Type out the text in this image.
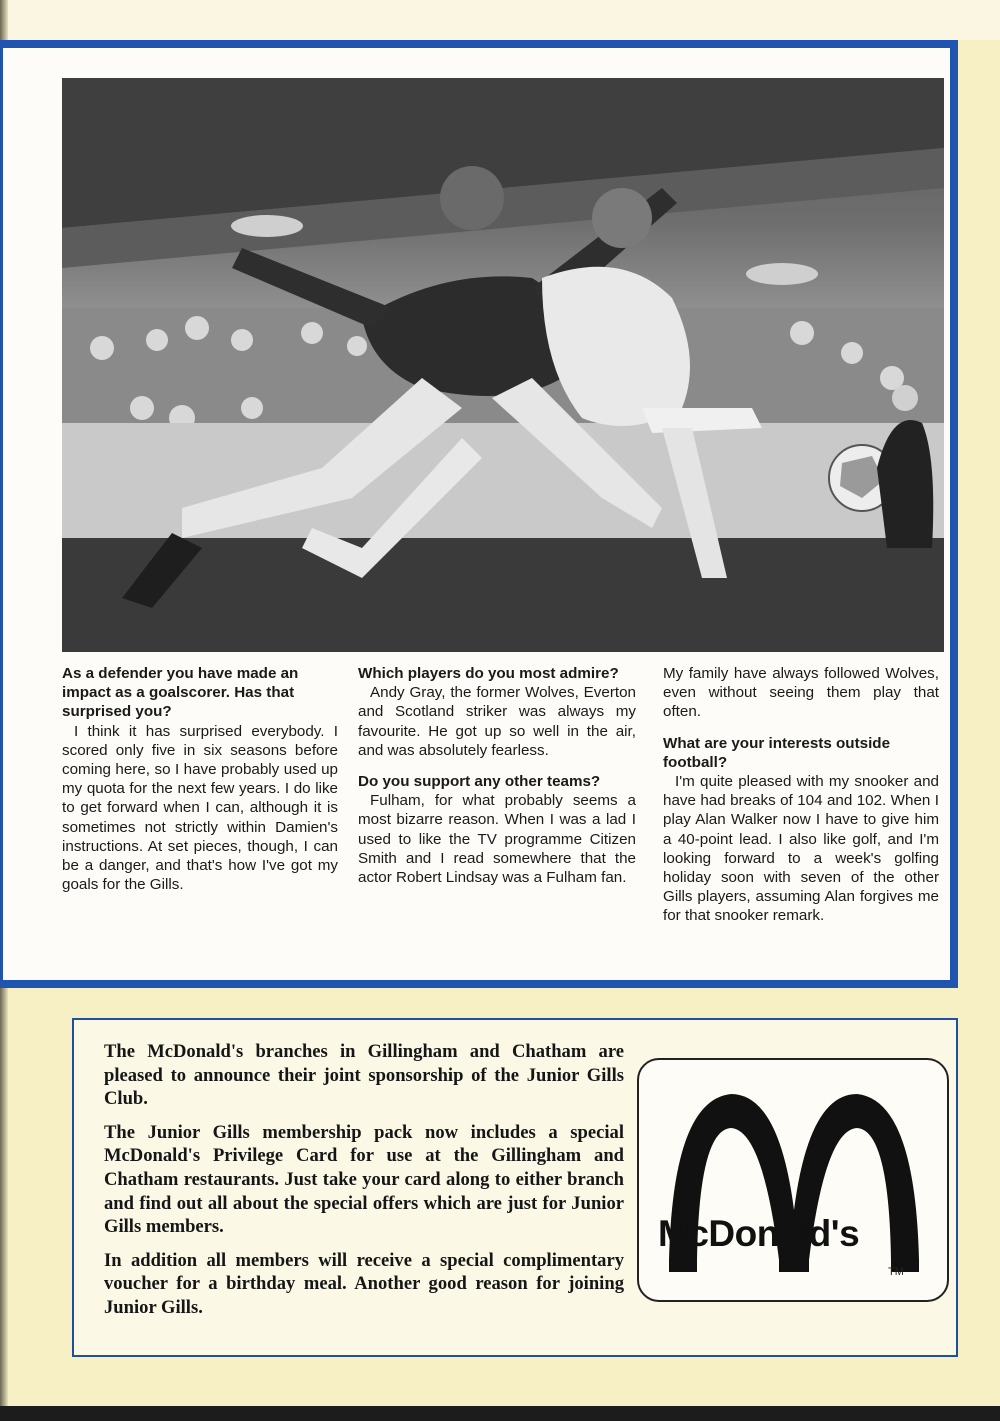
As a defender you have made an impact as a goalscorer. Has that surprised you?

I think it has surprised everybody. I scored only five in six seasons before coming here, so I have probably used up my quota for the next few years. I do like to get forward when I can, although it is sometimes not strictly within Damien's instructions. At set pieces, though, I can be a danger, and that's how I've got my goals for the Gills.

Which players do you most admire?

Andy Gray, the former Wolves, Everton and Scotland striker was always my favourite. He got up so well in the air, and was absolutely fearless.

Do you support any other teams?

Fulham, for what probably seems a most bizarre reason. When I was a lad I used to like the TV programme Citizen Smith and I read somewhere that the actor Robert Lindsay was a Fulham fan.

My family have always followed Wolves, even without seeing them play that often.

What are your interests outside football?

I'm quite pleased with my snooker and have had breaks of 104 and 102. When I play Alan Walker now I have to give him a 40-point lead. I also like golf, and I'm looking forward to a week's golfing holiday soon with seven of the other Gills players, assuming Alan forgives me for that snooker remark.

The McDonald's branches in Gillingham and Chatham are pleased to announce their joint sponsorship of the Junior Gills Club.

The Junior Gills membership pack now includes a special McDonald's Privilege Card for use at the Gillingham and Chatham restaurants. Just take your card along to either branch and find out all about the special offers which are just for Junior Gills members.

In addition all members will receive a special complimentary voucher for a birthday meal. Another good reason for joining Junior Gills.

McDonald's
TM
